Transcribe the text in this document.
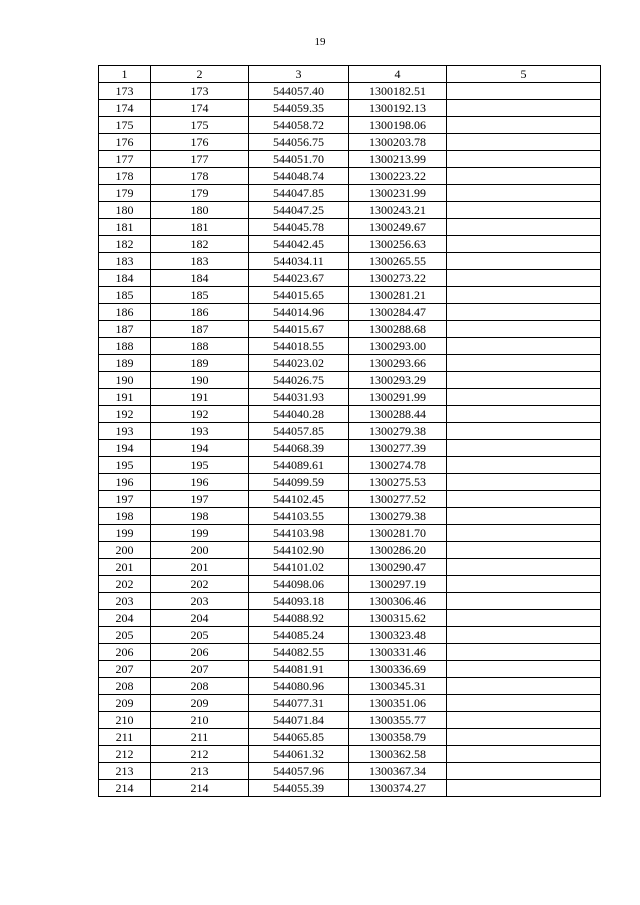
19
1	2	3	4	5
173	173	544057.40	1300182.51	
174	174	544059.35	1300192.13	
175	175	544058.72	1300198.06	
176	176	544056.75	1300203.78	
177	177	544051.70	1300213.99	
178	178	544048.74	1300223.22	
179	179	544047.85	1300231.99	
180	180	544047.25	1300243.21	
181	181	544045.78	1300249.67	
182	182	544042.45	1300256.63	
183	183	544034.11	1300265.55	
184	184	544023.67	1300273.22	
185	185	544015.65	1300281.21	
186	186	544014.96	1300284.47	
187	187	544015.67	1300288.68	
188	188	544018.55	1300293.00	
189	189	544023.02	1300293.66	
190	190	544026.75	1300293.29	
191	191	544031.93	1300291.99	
192	192	544040.28	1300288.44	
193	193	544057.85	1300279.38	
194	194	544068.39	1300277.39	
195	195	544089.61	1300274.78	
196	196	544099.59	1300275.53	
197	197	544102.45	1300277.52	
198	198	544103.55	1300279.38	
199	199	544103.98	1300281.70	
200	200	544102.90	1300286.20	
201	201	544101.02	1300290.47	
202	202	544098.06	1300297.19	
203	203	544093.18	1300306.46	
204	204	544088.92	1300315.62	
205	205	544085.24	1300323.48	
206	206	544082.55	1300331.46	
207	207	544081.91	1300336.69	
208	208	544080.96	1300345.31	
209	209	544077.31	1300351.06	
210	210	544071.84	1300355.77	
211	211	544065.85	1300358.79	
212	212	544061.32	1300362.58	
213	213	544057.96	1300367.34	
214	214	544055.39	1300374.27	
